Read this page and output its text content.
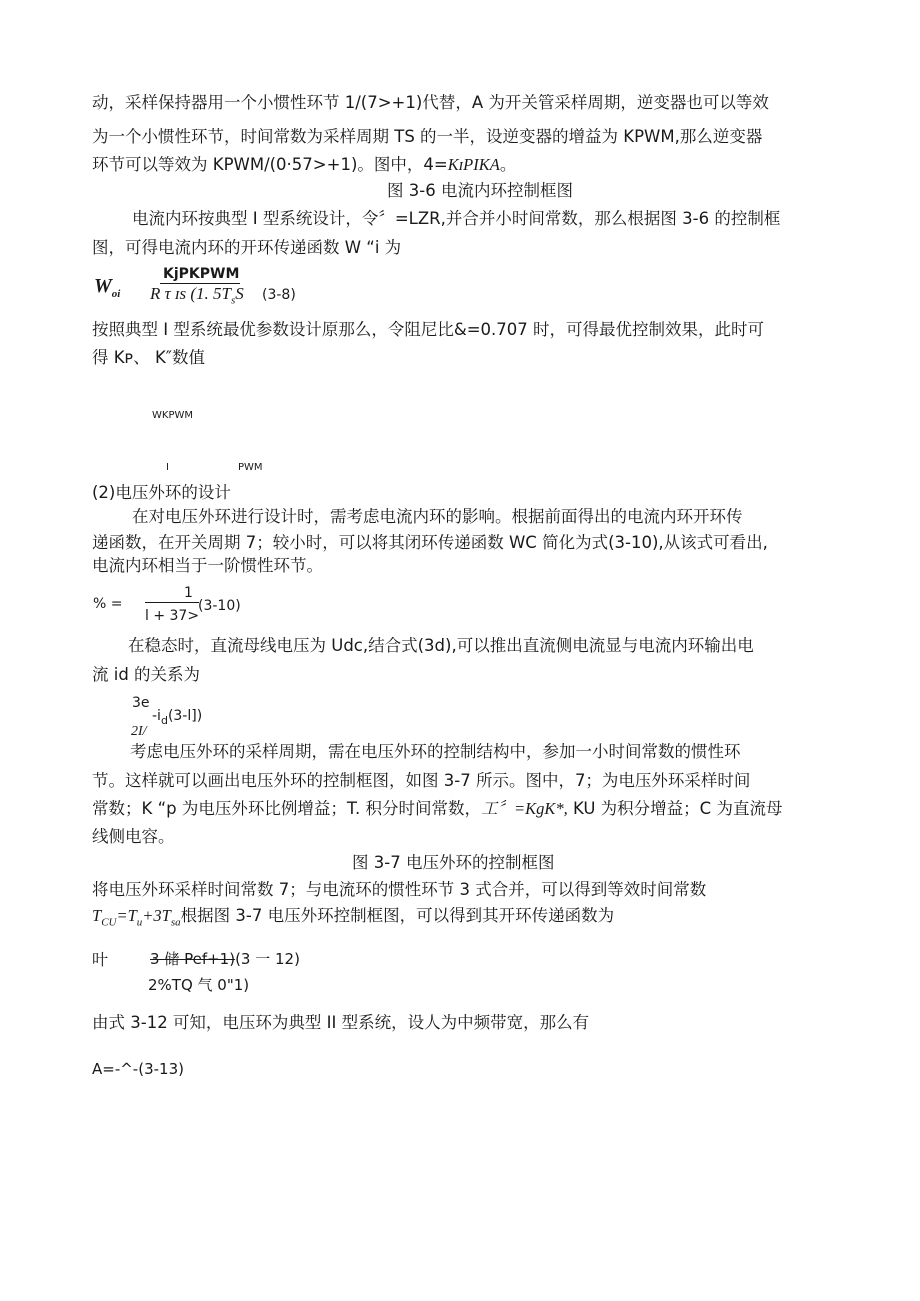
动，采样保持器用一个小惯性环节 1/(7>+1)代替，A 为开关管采样周期，逆变器也可以等效
为一个小惯性环节，时间常数为采样周期 TS 的一半，设逆变器的增益为 KPWM,那么逆变器
环节可以等效为 KPWM/(0·57>+1)。图中，4=KɪPIKA。
图 3-6 电流内环控制框图
电流内环按典型 I 型系统设计，令〞=LZR,并合并小时间常数，那么根据图 3-6 的控制框
图，可得电流内环的开环传递函数 W “i 为
$W_{oi}$
KjPKPWM
R τ ɪs (1. $5T_sS$ (3-8)
按照典型 I 型系统最优参数设计原那么，令阻尼比&=0.707 时，可得最优控制效果，此时可
得 Kᴘ、 K″数值
WKPWM
I	PWM
(2)电压外环的设计
在对电压外环进行设计时，需考虑电流内环的影响。根据前面得出的电流内环开环传
递函数，在开关周期 7；较小时，可以将其闭环传递函数 WC 简化为式(3-10),从该式可看出,
电流内环相当于一阶惯性环节。
% =
1
l + 37>
(3-10)
在稳态时，直流母线电压为 Udc,结合式(3d),可以推出直流侧电流显与电流内环输出电
流 id 的关系为
3e
$-i_d(3-l]$)
2I/
考虑电压外环的采样周期，需在电压外环的控制结构中，参加一小时间常数的惯性环
节。这样就可以画出电压外环的控制框图，如图 3-7 所示。图中，7；为电压外环采样时间
常数；K “p 为电压外环比例增益；T. 积分时间常数，工〞=KgK*, KU 为积分增益；C 为直流母
线侧电容。
图 3-7 电压外环的控制框图
将电压外环采样时间常数 7；与电流环的惯性环节 3 式合并，可以得到等效时间常数
$T_{CU}=T_u+3T_{sa}$根据图 3-7 电压外环控制框图，可以得到其开环传递函数为
叶	3 储 Pef+1)(3 一 12)
2%TQ 气 0"1)
由式 3-12 可知，电压环为典型 II 型系统，设人为中频带宽，那么有
A=-^-(3-13)
